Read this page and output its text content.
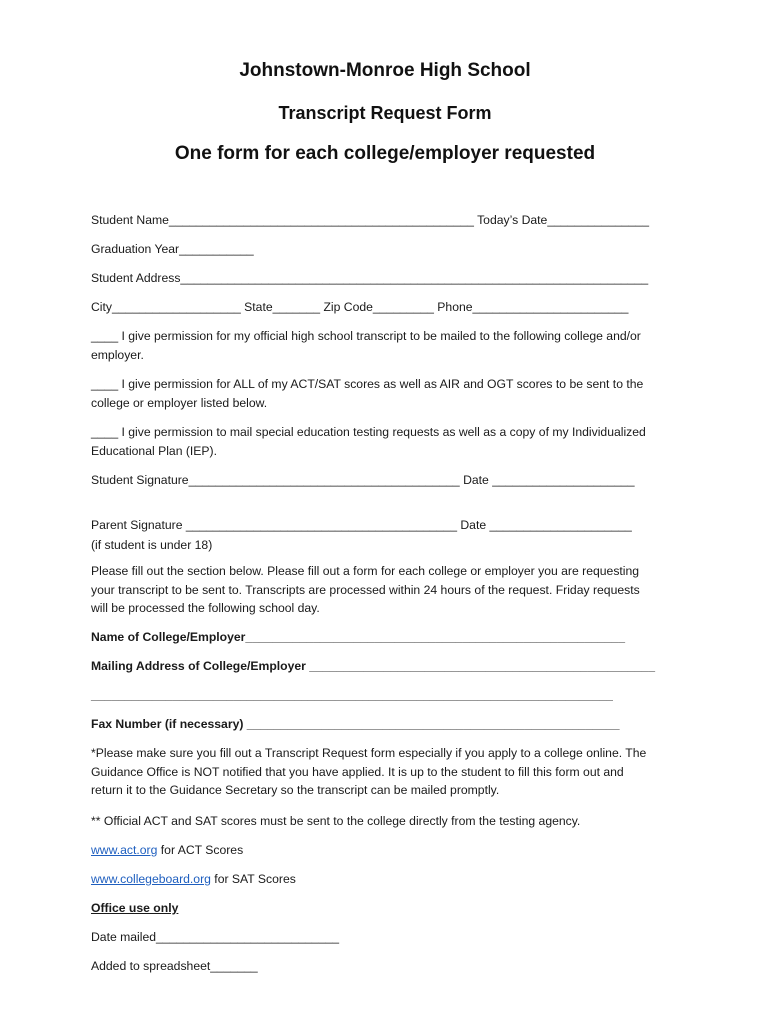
Johnstown-Monroe High School
Transcript Request Form
One form for each college/employer requested
Student Name_____________________________________________ Today’s Date_______________
Graduation Year___________
Student Address_____________________________________________________________________
City___________________ State_______ Zip Code_________ Phone_______________________
____ I give permission for my official high school transcript to be mailed to the following college and/or
employer.
____ I give permission for ALL of my ACT/SAT scores as well as AIR and OGT scores to be sent to the
college or employer listed below.
____ I give permission to mail special education testing requests as well as a copy of my Individualized
Educational Plan (IEP).
Student Signature________________________________________ Date _____________________
Parent Signature ________________________________________ Date _____________________
(if student is under 18)
Please fill out the section below. Please fill out a form for each college or employer you are requesting
your transcript to be sent to. Transcripts are processed within 24 hours of the request. Friday requests
will be processed the following school day.
Name of College/Employer________________________________________________________
Mailing Address of College/Employer ___________________________________________________
_____________________________________________________________________________
Fax Number (if necessary) _______________________________________________________
*Please make sure you fill out a Transcript Request form especially if you apply to a college online. The
Guidance Office is NOT notified that you have applied. It is up to the student to fill this form out and
return it to the Guidance Secretary so the transcript can be mailed promptly.
** Official ACT and SAT scores must be sent to the college directly from the testing agency.
www.act.org for ACT Scores
www.collegeboard.org for SAT Scores
Office use only
Date mailed___________________________
Added to spreadsheet_______
